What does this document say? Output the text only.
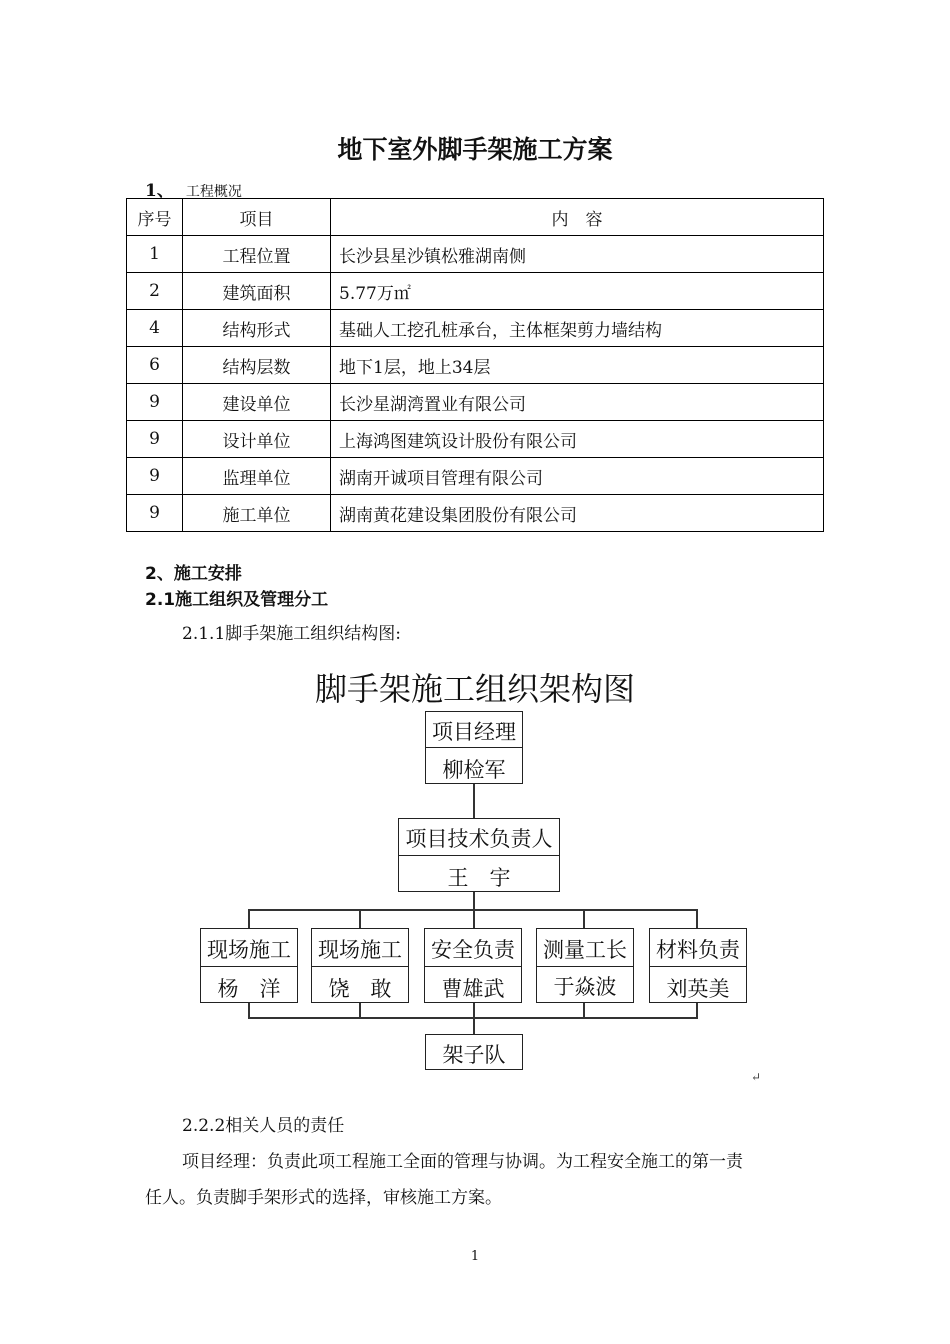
地下室外脚手架施工方案
1、 工程概况
序号	项目	内　容
1	工程位置	长沙县星沙镇松雅湖南侧
2	建筑面积	5.77万㎡
4	结构形式	基础人工挖孔桩承台，主体框架剪力墙结构
6	结构层数	地下1层，地上34层
9	建设单位	长沙星湖湾置业有限公司
9	设计单位	上海鸿图建筑设计股份有限公司
9	监理单位	湖南开诚项目管理有限公司
9	施工单位	湖南黄花建设集团股份有限公司
2、施工安排
2.1施工组织及管理分工
2.1.1脚手架施工组织结构图:
脚手架施工组织架构图
项目经理
柳检军
项目技术负责人
王　宇
现场施工
杨　洋
现场施工
饶　敢
安全负责
曹雄武
测量工长
于焱波
材料负责
刘英美
架子队
↵
2.2.2相关人员的责任
项目经理：负责此项工程施工全面的管理与协调。为工程安全施工的第一责
任人。负责脚手架形式的选择，审核施工方案。
1
